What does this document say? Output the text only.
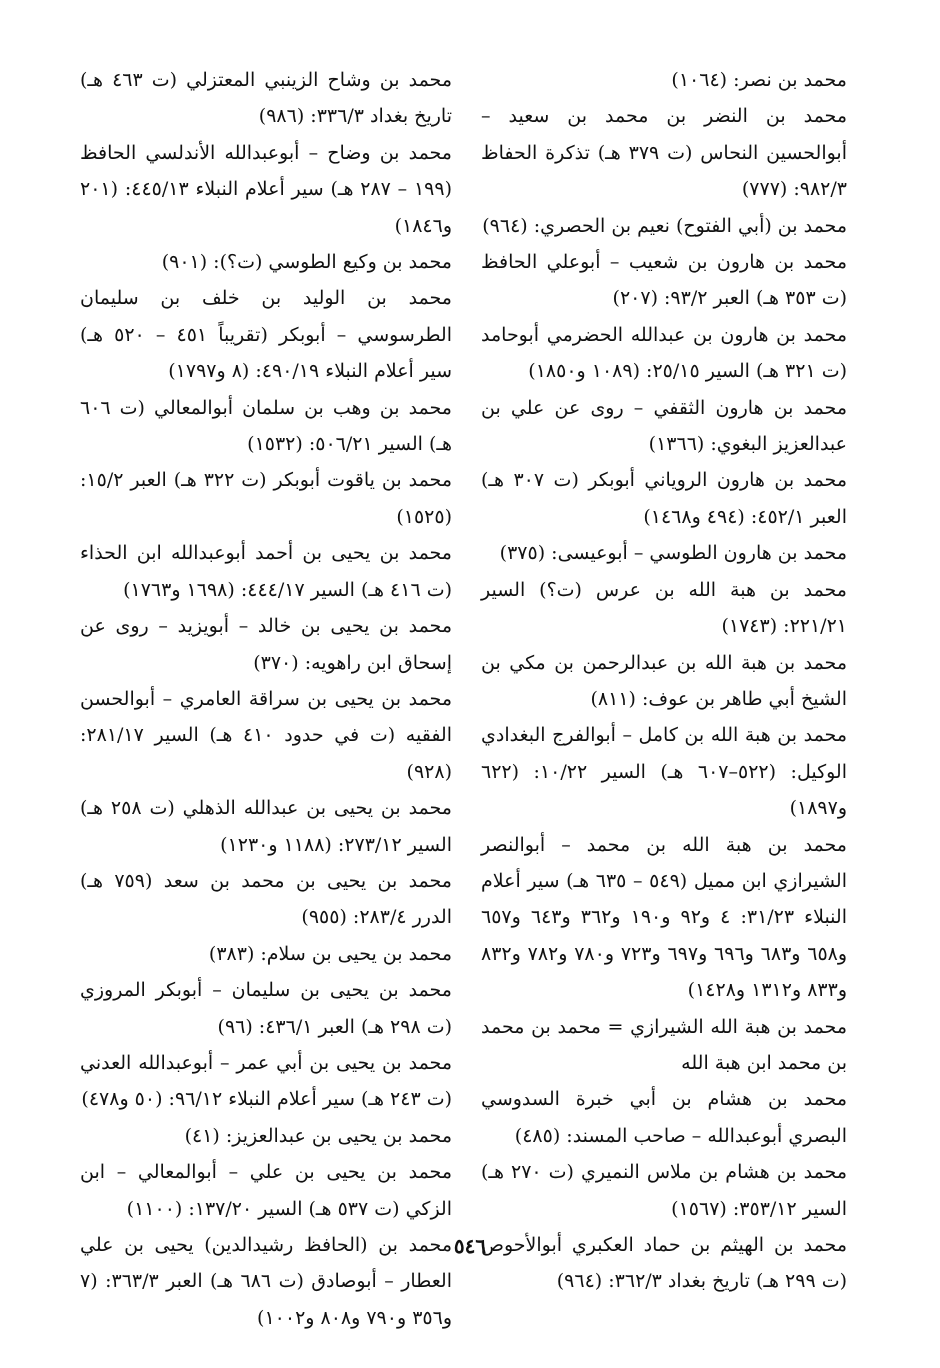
محمد بن نصر: (١٠٦٤)

محمد بن النضر بن محمد بن سعيد – أبوالحسين النحاس (ت ٣٧٩ هـ) تذكرة الحفاظ ٩٨٢/٣: (٧٧٧)

محمد بن (أبي الفتوح) نعيم بن الحصري: (٩٦٤)

محمد بن هارون بن شعيب – أبوعلي الحافظ (ت ٣٥٣ هـ) العبر ٩٣/٢: (٢٠٧)

محمد بن هارون بن عبدالله الحضرمي أبوحامد (ت ٣٢١ هـ) السير ٢٥/١٥: (١٠٨٩ و١٨٥٠)

محمد بن هارون الثقفي – روى عن علي بن عبدالعزيز البغوي: (١٣٦٦)

محمد بن هارون الروياني أبوبكر (ت ٣٠٧ هـ) العبر ٤٥٢/١: (٤٩٤ و١٤٦٨)

محمد بن هارون الطوسي – أبوعيسى: (٣٧٥)

محمد بن هبة الله بن عرس (ت؟) السير ٢٢١/٢١: (١٧٤٣)

محمد بن هبة الله بن عبدالرحمن بن مكي بن الشيخ أبي طاهر بن عوف: (٨١١)

محمد بن هبة الله بن كامل – أبوالفرج البغدادي الوكيل: (٥٢٢–٦٠٧ هـ) السير ١٠/٢٢: (٦٢٢ و١٨٩٧)

محمد بن هبة الله بن محمد – أبوالنصر الشيرازي ابن مميل (٥٤٩ – ٦٣٥ هـ) سير أعلام النبلاء ٣١/٢٣: ٤ و٩٢ و١٩٠ و٣٦٢ و٦٤٣ و٦٥٧ و٦٥٨ و٦٨٣ و٦٩٦ و٦٩٧ و٧٢٣ و٧٨٠ و٧٨٢ و٨٣٢ و٨٣٣ و١٣١٢ و١٤٢٨)

محمد بن هبة الله الشيرازي = محمد بن محمد بن محمد ابن هبة الله

محمد بن هشام بن أبي خبرة السدوسي البصري أبوعبدالله – صاحب المسند: (٤٨٥)

محمد بن هشام بن ملاس النميري (ت ٢٧٠ هـ) السير ٣٥٣/١٢: (١٥٦٧)

محمد بن الهيثم بن حماد العكبري أبوالأحوص (ت ٢٩٩ هـ) تاريخ بغداد ٣٦٢/٣: (٩٦٤)

محمد بن وشاح الزينبي المعتزلي (ت ٤٦٣ هـ) تاريخ بغداد ٣٣٦/٣: (٩٨٦)

محمد بن وضاح – أبوعبدالله الأندلسي الحافظ (١٩٩ – ٢٨٧ هـ) سير أعلام النبلاء ٤٤٥/١٣: (٢٠١ و١٨٤٦)

محمد بن وكيع الطوسي (ت؟): (٩٠١)

محمد بن الوليد بن خلف بن سليمان الطرسوسي – أبوبكر (تقريباً ٤٥١ – ٥٢٠ هـ) سير أعلام النبلاء ٤٩٠/١٩: (٨ و١٧٩٧)

محمد بن وهب بن سلمان أبوالمعالي (ت ٦٠٦ هـ) السير ٥٠٦/٢١: (١٥٣٢)

محمد بن ياقوت أبوبكر (ت ٣٢٢ هـ) العبر ١٥/٢: (١٥٢٥)

محمد بن يحيى بن أحمد أبوعبدالله ابن الحذاء (ت ٤١٦ هـ) السير ٤٤٤/١٧: (١٦٩٨ و١٧٦٣)

محمد بن يحيى بن خالد – أبويزيد – روى عن إسحاق ابن راهويه: (٣٧٠)

محمد بن يحيى بن سراقة العامري – أبوالحسن الفقيه (ت في حدود ٤١٠ هـ) السير ٢٨١/١٧: (٩٢٨)

محمد بن يحيى بن عبدالله الذهلي (ت ٢٥٨ هـ) السير ٢٧٣/١٢: (١١٨٨ و١٢٣٠)

محمد بن يحيى بن محمد بن سعد (٧٥٩ هـ) الدرر ٢٨٣/٤: (٩٥٥)

محمد بن يحيى بن سلام: (٣٨٣)

محمد بن يحيى بن سليمان – أبوبكر المروزي (ت ٢٩٨ هـ) العبر ٤٣٦/١: (٩٦)

محمد بن يحيى بن أبي عمر – أبوعبدالله العدني (ت ٢٤٣ هـ) سير أعلام النبلاء ٩٦/١٢: (٥٠ و٤٧٨)

محمد بن يحيى بن عبدالعزيز: (٤١)

محمد بن يحيى بن علي – أبوالمعالي – ابن الزكي (ت ٥٣٧ هـ) السير ١٣٧/٢٠: (١١٠٠)

محمد بن (الحافظ رشيدالدين) يحيى بن علي العطار – أبوصادق (ت ٦٨٦ هـ) العبر ٣٦٣/٣: (٧ و٣٥٦ و٧٩٠ و٨٠٨ و١٠٠٢)

٥٤٦
